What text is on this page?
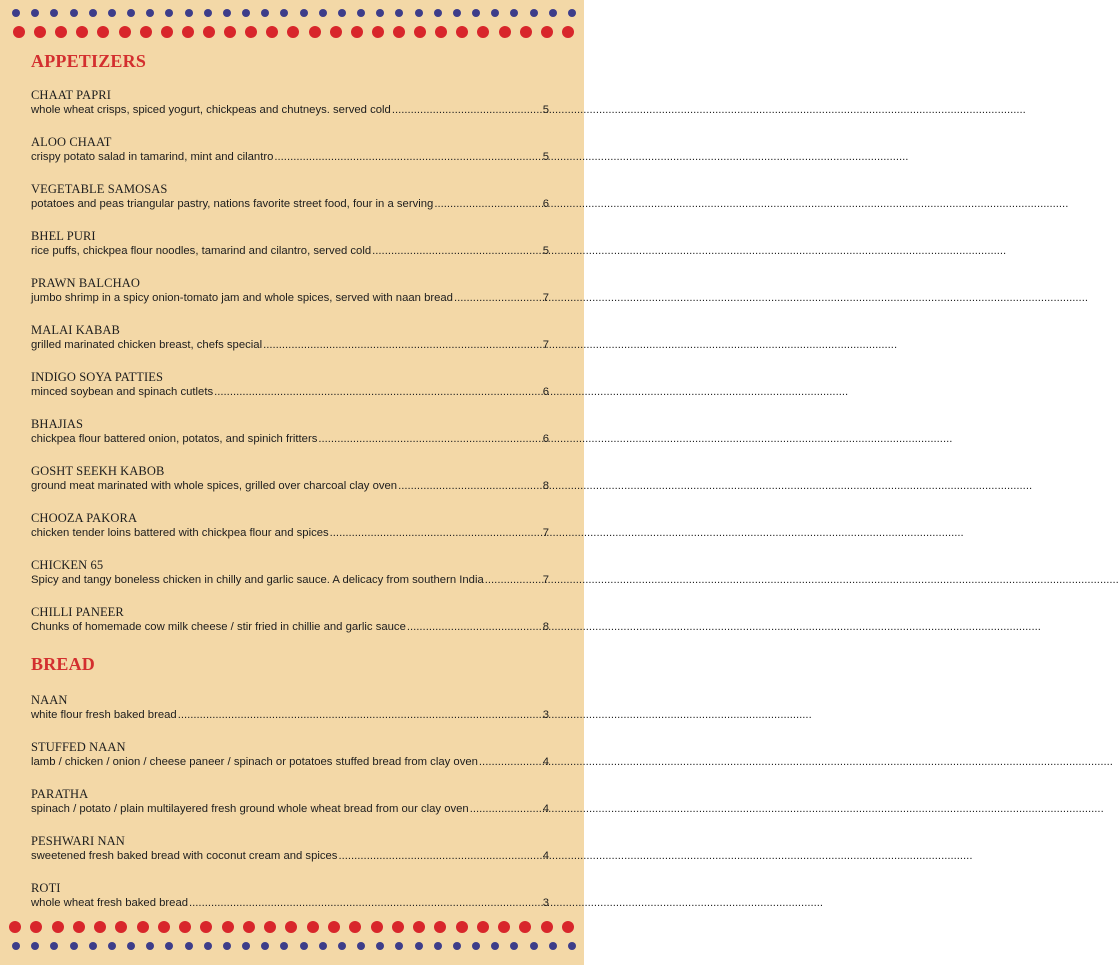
APPETIZERS
CHAAT PAPRI
whole wheat crisps, spiced yogurt, chickpeas and chutneys. served cold .....	5
ALOO CHAAT
crispy potato salad in tamarind, mint and cilantro .....	5
VEGETABLE SAMOSAS
potatoes and peas triangular pastry, nations favorite street food, four in a serving .....	6
BHEL PURI
rice puffs, chickpea flour noodles, tamarind and cilantro, served cold .....	5
PRAWN BALCHAO
jumbo shrimp in a spicy onion-tomato jam and whole spices, served with naan bread .....	7
MALAI KABAB
grilled marinated chicken breast, chefs special .....	7
INDIGO SOYA PATTIES
minced soybean and spinach cutlets .....	6
BHAJIAS
chickpea flour battered onion, potatos, and spinich fritters .....	6
GOSHT SEEKH KABOB
ground meat marinated with whole spices, grilled over charcoal clay oven .....	8
CHOOZA PAKORA
chicken tender loins battered with chickpea flour and spices .....	7
CHICKEN 65
Spicy and tangy boneless chicken in chilly and garlic sauce. A delicacy from southern India .....	7
CHILLI PANEER
Chunks of homemade cow milk cheese / stir fried in chillie and garlic sauce .....	8
BREAD
NAAN
white flour fresh baked bread .....	3
STUFFED NAAN
lamb / chicken / onion / cheese paneer / spinach or potatoes stuffed bread from clay oven .....	4
PARATHA
spinach / potato / plain multilayered fresh ground whole wheat bread from our clay oven .....	4
PESHWARI NAN
sweetened fresh baked bread with coconut cream and spices .....	4
ROTI
whole wheat fresh baked bread .....	3
